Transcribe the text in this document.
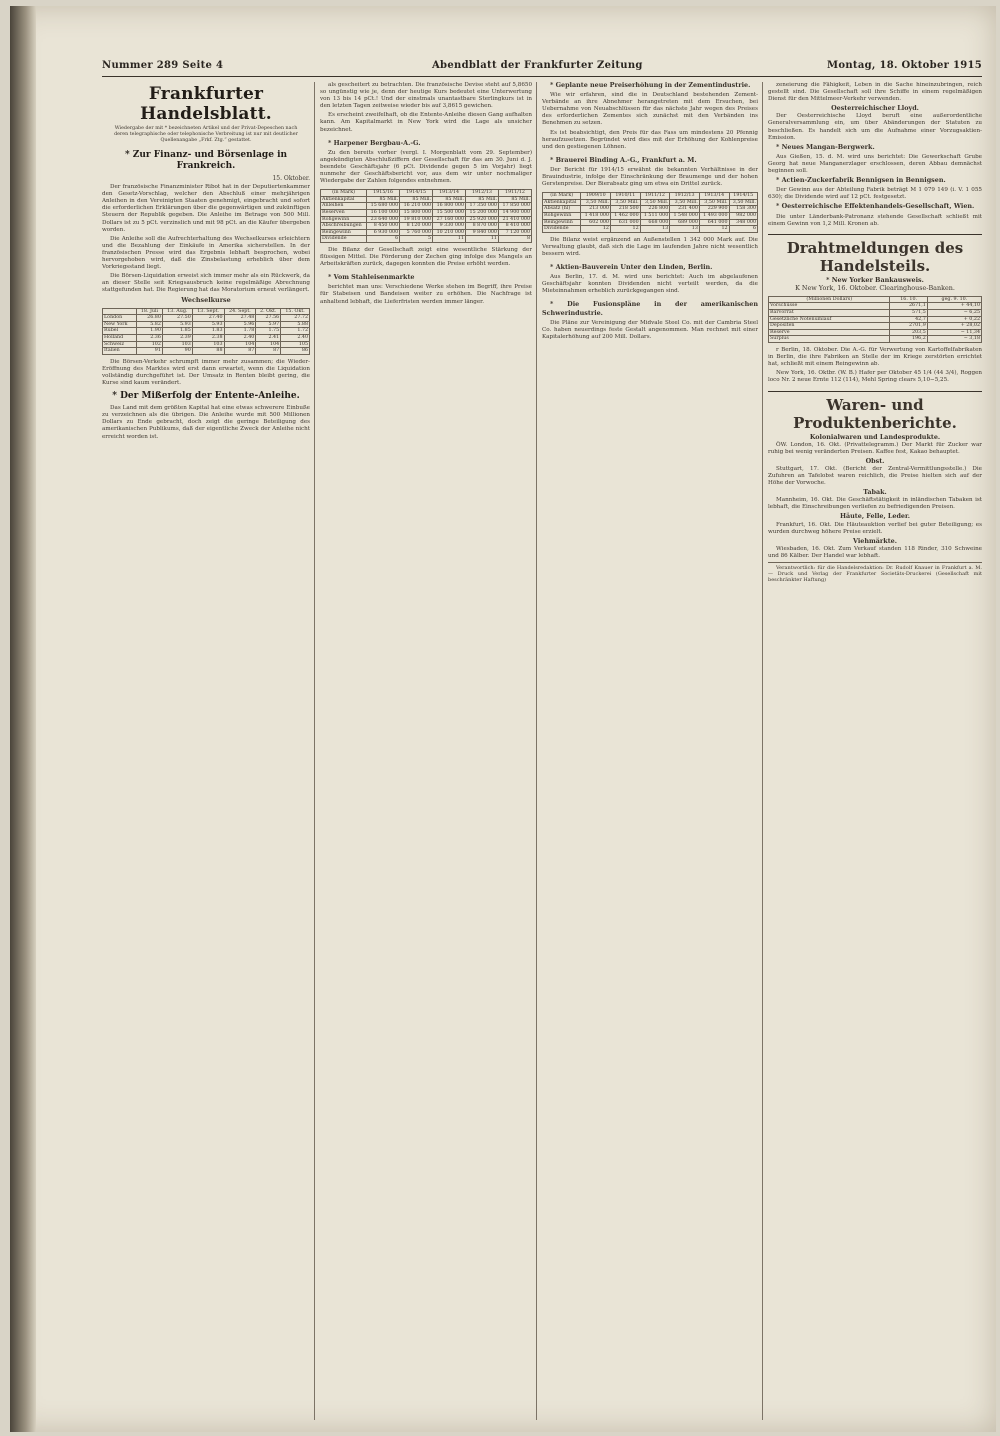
Nummer 289 Seite 4	Abendblatt der Frankfurter Zeitung	Montag, 18. Oktober 1915
Frankfurter Handelsblatt.
Wiedergabe der mit * bezeichneten Artikel und der Privat-Depeschen nach deren telegraphische oder telephonische Verbreitung ist nur mit deutlicher Quellenangabe „Frkf. Ztg.“ gestattet.
* Zur Finanz- und Börsenlage in Frankreich.
15. Oktober.

Der französische Finanzminister Ribot hat in der Deputiertenkammer den Gesetz-Vorschlag, welcher den Abschluß einer mehrjährigen Anleihen in den Vereinigten Staaten genehmigt, eingebracht und sofort die erforderlichen Erklärungen über die gegenwärtigen und zukünftigen Steuern der Republik gegeben. Die Anleihe im Betrage von 500 Mill. Dollars ist zu 5 pCt. verzinslich und mit 98 pCt. an die Käufer übergeben worden.

Die Anleihe soll die Aufrechterhaltung des Wechselkurses erleichtern und die Bezahlung der Einkäufe in Amerika sicherstellen. In der französischen Presse wird das Ergebnis lebhaft besprochen, wobei hervorgehoben wird, daß die Zinsbelastung erheblich über dem Vorkriegsstand liegt.

Die Börsen-Liquidation erweist sich immer mehr als ein Rückwerk, da an dieser Stelle seit Kriegsausbruch keine regelmäßige Abrechnung stattgefunden hat. Die Regierung hat das Moratorium erneut verlängert.

Wechselkurse
	18. Juli	13. Aug.	13. Sept.	24. Sept.	2. Okt.	15. Okt.
London	26.80	27.50	27.40	27.48	27.56	27.72
New York	5.82	5.93	5.93	5.96	5.97	5.88
Rubel	1.90	1.85	1.83	1.78	1.75	1.72
Holland	2.36	2.39	2.38	2.40	2.41	2.40
Schweiz	102	103	103	104	104	105
Italien	91	90	88	87	87	86

Die Börsen-Verkehr schrumpft immer mehr zusammen; die Wieder-Eröffnung des Marktes wird erst dann erwartet, wenn die Liquidation vollständig durchgeführt ist. Der Umsatz in Renten bleibt gering, die Kurse sind kaum verändert.

* Der Mißerfolg der Entente-Anleihe.

Das Land mit dem größten Kapital hat eine etwas schwerere Einbuße zu verzeichnen als die übrigen. Die Anleihe wurde mit 500 Millionen Dollars zu Ende gebracht, doch zeigt die geringe Beteiligung des amerikanischen Publikums, daß der eigentliche Zweck der Anleihe nicht erreicht worden ist.

als gescheitert zu betrachten. Die französische Devise steht auf 5,8650 so ungünstig wie je, denn der heutige Kurs bedeutet eine Unterwertung von 13 bis 14 pCt.! Und der einstmals unantastbare Sterlingkurs ist in den letzten Tagen zeitweise wieder bis auf 3,8615 gewichen.

Es erscheint zweifelhaft, ob die Entente-Anleihe diesen Gang aufhalten kann. Am Kapitalmarkt in New York wird die Lage als unsicher bezeichnet.

* Harpener Bergbau-A.-G.

Zu den bereits vorher (vergl. I. Morgenblatt vom 29. September) angekündigten Abschlußziffern der Gesellschaft für das am 30. Juni d. J. beendete Geschäftsjahr (6 pCt. Dividende gegen 5 im Vorjahr) liegt nunmehr der Geschäftsbericht vor, aus dem wir unter nochmaliger Wiedergabe der Zahlen folgendes entnehmen.

(in Mark)	1915/16	1914/15	1913/14	1912/13	1911/12
Aktienkapital	85 Mill.	85 Mill.	85 Mill.	85 Mill.	85 Mill.
Anleihen	15 680 000	16 210 000	16 800 000	17 350 000	17 850 000
Reserven	16 100 000	15 800 000	15 500 000	15 200 000	14 900 000
Rohgewinn	23 640 000	19 810 000	27 160 000	25 920 000	21 410 000
Abschreibungen	8 450 000	8 120 000	9 330 000	8 870 000	8 410 000
Reingewinn	6 930 000	5 760 000	10 210 000	9 840 000	7 120 000
Dividende	6	5	11	11	8

Die Bilanz der Gesellschaft zeigt eine wesentliche Stärkung der flüssigen Mittel. Die Förderung der Zechen ging infolge des Mangels an Arbeitskräften zurück, dagegen konnten die Preise erhöht werden.

* Vom Stahleisenmarkte

berichtet man uns: Verschiedene Werke stehen im Begriff, ihre Preise für Stabeisen und Bandeisen weiter zu erhöhen. Die Nachfrage ist anhaltend lebhaft, die Lieferfristen werden immer länger.

* Geplante neue Preiserhöhung in der Zementindustrie.

Wie wir erfahren, sind die in Deutschland bestehenden Zement-Verbände an ihre Abnehmer herangetreten mit dem Ersuchen, bei Uebernahme von Neuabschlüssen für das nächste Jahr wegen des Preises des erforderlichen Zementes sich zunächst mit den Verbänden ins Benehmen zu setzen.

Es ist beabsichtigt, den Preis für das Fass um mindestens 20 Pfennig heraufzusetzen. Begründet wird dies mit der Erhöhung der Kohlenpreise und den gestiegenen Löhnen.

* Brauerei Binding A.-G., Frankfurt a. M.

Der Bericht für 1914/15 erwähnt die bekannten Verhältnisse in der Brauindustrie, infolge der Einschränkung der Braumenge und der hohen Gerstenpreise. Der Bierabsatz ging um etwa ein Drittel zurück.

(in Mark)	1909/10	1910/11	1911/12	1912/13	1913/14	1914/15
Aktienkapital	3,50 Mill.	3,50 Mill.	3,50 Mill.	3,50 Mill.	3,50 Mill.	3,50 Mill.
Absatz (hl)	213 000	218 500	226 800	231 400	229 900	158 300
Rohgewinn	1 418 000	1 462 000	1 511 000	1 548 000	1 493 000	982 000
Reingewinn	602 000	631 000	668 000	689 000	641 000	348 000
Dividende	12	12	13	13	12	6

Die Bilanz weist ergänzend an Außenstellen 1 342 000 Mark auf. Die Verwaltung glaubt, daß sich die Lage im laufenden Jahre nicht wesentlich bessern wird.

* Aktien-Bauverein Unter den Linden, Berlin.

Aus Berlin, 17. d. M. wird uns berichtet: Auch im abgelaufenen Geschäftsjahr konnten Dividenden nicht verteilt werden, da die Mieteinnahmen erheblich zurückgegangen sind.

* Die Fusionspläne in der amerikanischen Schwerindustrie.

Die Pläne zur Vereinigung der Midvale Steel Co. mit der Cambria Steel Co. haben neuerdings feste Gestalt angenommen. Man rechnet mit einer Kapitalerhöhung auf 200 Mill. Dollars.

zeneierung die Fähigkeit, Leben in die Sache hineinzubringen, reich gestellt sind. Die Gesellschaft soll ihre Schiffe in einem regelmäßigen Dienst für den Mittelmeer-Verkehr verwenden.

Oesterreichischer Lloyd.

Der Oesterreichische Lloyd beruft eine außerordentliche Generalversammlung ein, um über Abänderungen der Statuten zu beschließen. Es handelt sich um die Aufnahme einer Vorzugsaktien-Emission.

* Neues Mangan-Bergwerk.

Aus Gießen, 15. d. M. wird uns berichtet: Die Gewerkschaft Grube Georg hat neue Manganerzlager erschlossen, deren Abbau demnächst beginnen soll.

* Actien-Zuckerfabrik Bennigsen in Bennigsen.

Der Gewinn aus der Abteilung Fabrik beträgt M 1 079 149 (i. V. 1 055 630); die Dividende wird auf 12 pCt. festgesetzt.

* Oesterreichische Effektenhandels-Gesellschaft, Wien.

Die unter Länderbank-Patronanz stehende Gesellschaft schließt mit einem Gewinn von 1,2 Mill. Kronen ab.

Drahtmeldungen des Handelsteils.
* New Yorker Bankausweis.
K New York, 16. Oktober. Clearinghouse-Banken.
(Millionen Dollars)	16. 10.	geg. 9. 10.
Vorschüsse	2671,1	+ 44,10
Barvorrat	571,5	− 6,25
Gesetzliche Notenumlauf	42,7	+ 0,22
Depositen	2701,9	+ 28,02
Reserve	203,5	− 11,34
Surplus	196,2	− 3,18

r Berlin, 18. Oktober. Die A.-G. für Verwertung von Kartoffelfabrikaten in Berlin, die ihre Fabriken an Stelle der im Kriege zerstörten errichtet hat, schließt mit einem Reingewinn ab.

New York, 16. Oktbr. (W. B.) Hafer per Oktober 45 1/4 (44 3/4), Roggen loco Nr. 2 neue Ernte 112 (114), Mehl Spring clears 5,10−5,25.

Waren- und Produktenberichte.
Kolonialwaren und Landesprodukte.

ÖW. London, 16. Okt. (Privattelegramm.) Der Markt für Zucker war ruhig bei wenig veränderten Preisen. Kaffee fest, Kakao behauptet.

Obst.

Stuttgart, 17. Okt. (Bericht der Zentral-Vermittlungsstelle.) Die Zufuhren an Tafelobst waren reichlich, die Preise hielten sich auf der Höhe der Vorwoche.

Tabak.

Mannheim, 16. Okt. Die Geschäftstätigkeit in inländischen Tabaken ist lebhaft, die Einschreibungen verliefen zu befriedigenden Preisen.

Häute, Felle, Leder.

Frankfurt, 16. Okt. Die Häuteauktion verlief bei guter Beteiligung; es wurden durchweg höhere Preise erzielt.

Viehmärkte.

Wiesbaden, 16. Okt. Zum Verkauf standen 118 Rinder, 310 Schweine und 86 Kälber. Der Handel war lebhaft.

Verantwortlich: für die Handelsredaktion: Dr. Rudolf Knauer in Frankfurt a. M. — Druck und Verlag der Frankfurter Societäts-Druckerei (Gesellschaft mit beschränkter Haftung)
